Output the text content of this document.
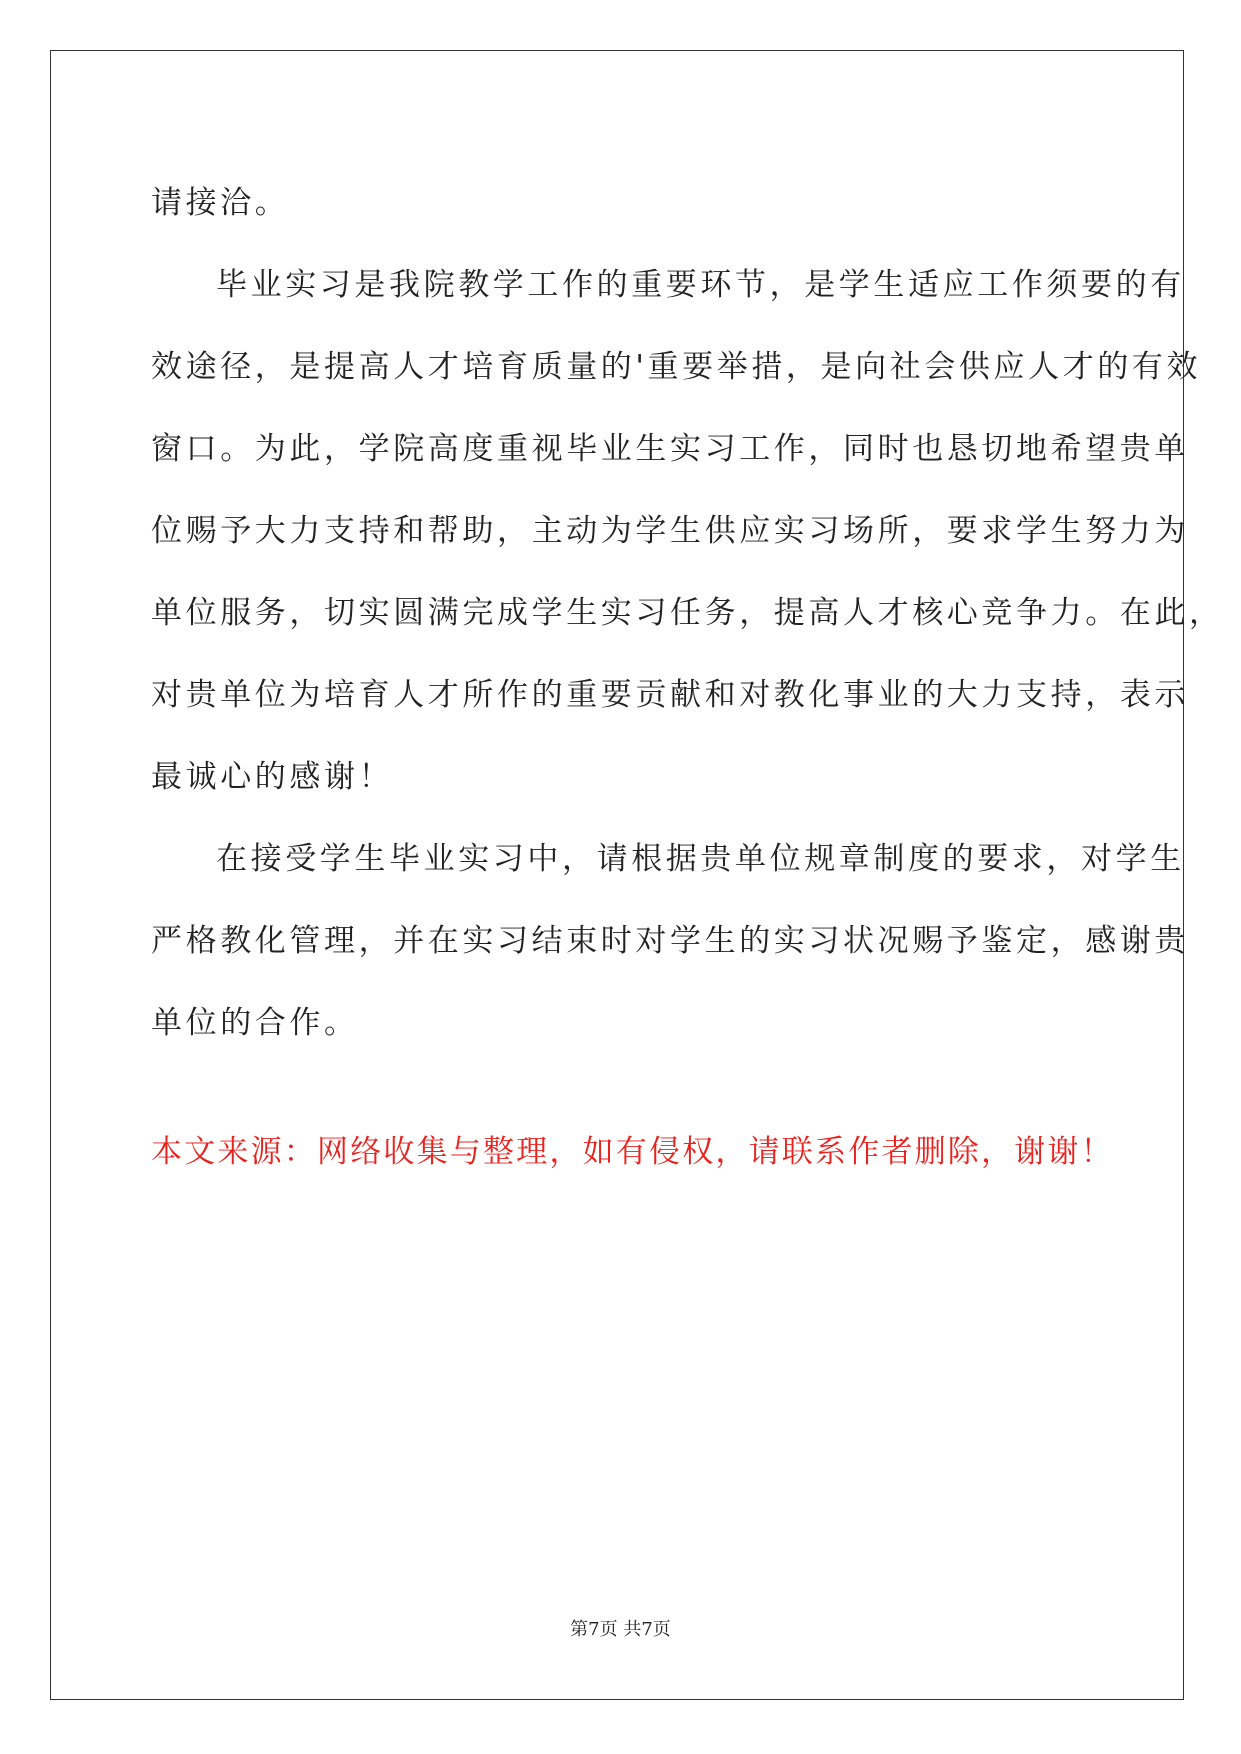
请接洽。
毕业实习是我院教学工作的重要环节，是学生适应工作须要的有
效途径，是提高人才培育质量的'重要举措，是向社会供应人才的有效
窗口。为此，学院高度重视毕业生实习工作，同时也恳切地希望贵单
位赐予大力支持和帮助，主动为学生供应实习场所，要求学生努力为
单位服务，切实圆满完成学生实习任务，提高人才核心竞争力。在此，
对贵单位为培育人才所作的重要贡献和对教化事业的大力支持，表示
最诚心的感谢！
在接受学生毕业实习中，请根据贵单位规章制度的要求，对学生
严格教化管理，并在实习结束时对学生的实习状况赐予鉴定，感谢贵
单位的合作。
本文来源：网络收集与整理，如有侵权，请联系作者删除，谢谢！
第7页 共7页
